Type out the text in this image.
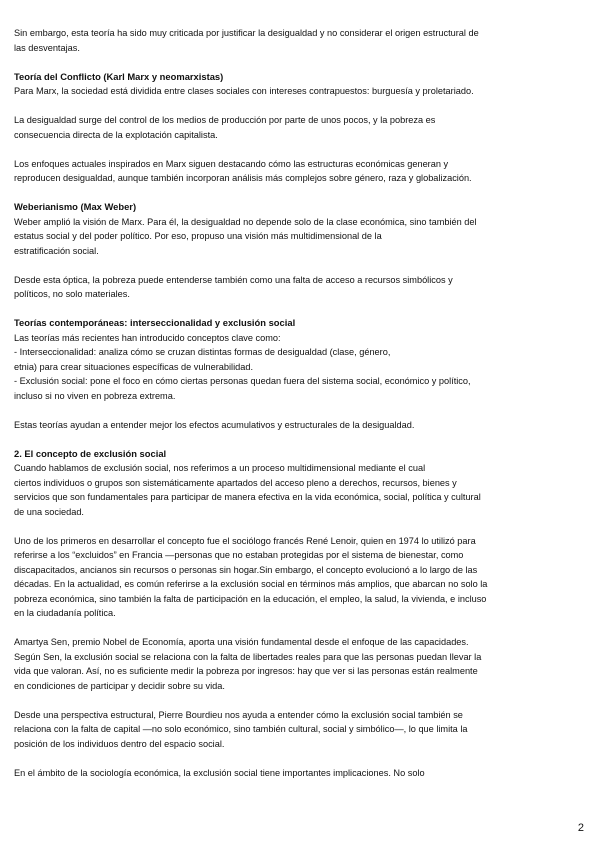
Sin embargo, esta teoría ha sido muy criticada por justificar la desigualdad y no considerar el origen estructural de
las desventajas.
Teoría del Conflicto (Karl Marx y neomarxistas)
Para Marx, la sociedad está dividida entre clases sociales con intereses contrapuestos: burguesía y proletariado.
La desigualdad surge del control de los medios de producción por parte de unos pocos, y la pobreza es
consecuencia directa de la explotación capitalista.
Los enfoques actuales inspirados en Marx siguen destacando cómo las estructuras económicas generan y
reproducen desigualdad, aunque también incorporan análisis más complejos sobre género, raza y globalización.
Weberianismo (Max Weber)
Weber amplió la visión de Marx. Para él, la desigualdad no depende solo de la clase económica, sino también del
estatus social y del poder político. Por eso, propuso una visión más multidimensional de la
estratificación social.
Desde esta óptica, la pobreza puede entenderse también como una falta de acceso a recursos simbólicos y
políticos, no solo materiales.
Teorías contemporáneas: interseccionalidad y exclusión social
Las teorías más recientes han introducido conceptos clave como:
- Interseccionalidad: analiza cómo se cruzan distintas formas de desigualdad (clase, género,
etnia) para crear situaciones específicas de vulnerabilidad.
- Exclusión social: pone el foco en cómo ciertas personas quedan fuera del sistema social, económico y político,
incluso si no viven en pobreza extrema.
Estas teorías ayudan a entender mejor los efectos acumulativos y estructurales de la desigualdad.
2. El concepto de exclusión social
Cuando hablamos de exclusión social, nos referimos a un proceso multidimensional mediante el cual
ciertos individuos o grupos son sistemáticamente apartados del acceso pleno a derechos, recursos, bienes y
servicios que son fundamentales para participar de manera efectiva en la vida económica, social, política y cultural
de una sociedad.
Uno de los primeros en desarrollar el concepto fue el sociólogo francés René Lenoir, quien en 1974 lo utilizó para
referirse a los “excluidos” en Francia —personas que no estaban protegidas por el sistema de bienestar, como
discapacitados, ancianos sin recursos o personas sin hogar.Sin embargo, el concepto evolucionó a lo largo de las
décadas. En la actualidad, es común referirse a la exclusión social en términos más amplios, que abarcan no solo la
pobreza económica, sino también la falta de participación en la educación, el empleo, la salud, la vivienda, e incluso
en la ciudadanía política.
Amartya Sen, premio Nobel de Economía, aporta una visión fundamental desde el enfoque de las capacidades.
Según Sen, la exclusión social se relaciona con la falta de libertades reales para que las personas puedan llevar la
vida que valoran. Así, no es suficiente medir la pobreza por ingresos: hay que ver si las personas están realmente
en condiciones de participar y decidir sobre su vida.
Desde una perspectiva estructural, Pierre Bourdieu nos ayuda a entender cómo la exclusión social también se
relaciona con la falta de capital —no solo económico, sino también cultural, social y simbólico—, lo que limita la
posición de los individuos dentro del espacio social.
En el ámbito de la sociología económica, la exclusión social tiene importantes implicaciones. No solo
2
